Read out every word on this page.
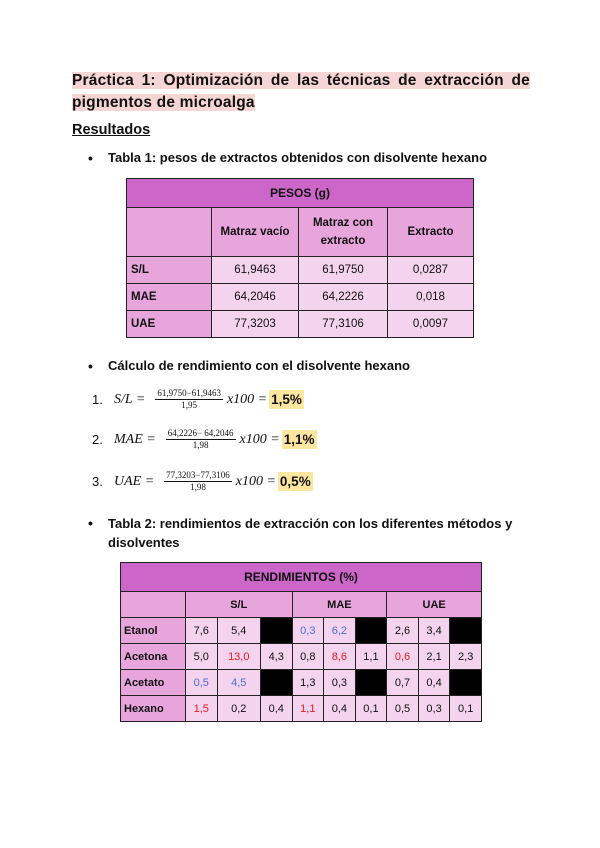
Práctica 1: Optimización de las técnicas de extracción de pigmentos de microalga
Resultados
• Tabla 1: pesos de extractos obtenidos con disolvente hexano
PESOS (g)			
	Matraz vacío	Matraz con extracto	Extracto
S/L	61,9463	61,9750	0,0287
MAE	64,2046	64,2226	0,018
UAE	77,3203	77,3106	0,0097
• Cálculo de rendimiento con el disolvente hexano
1. $S/L = \frac{61,9750-61,9463}{1,95} x100 = 1,5\%$
2. MAE = $\frac{64,2226- 64,2046}{1,98} x100 = 1,1\%$
3. UAE = $\frac{77,3203-77,3106}{1,98} x100 = 0,5\%$
• Tabla 2: rendimientos de extracción con los diferentes métodos y disolventes
RENDIMIENTOS (%)									
	S/L			MAE			UAE		
Etanol	7,6	5,4		0,3	6,2		2,6	3,4	
Acetona	5,0	13,0	4,3	0,8	8,6	1,1	0,6	2,1	2,3
Acetato	0,5	4,5		1,3	0,3		0,7	0,4	
Hexano	1,5	0,2	0,4	1,1	0,4	0,1	0,5	0,3	0,1
